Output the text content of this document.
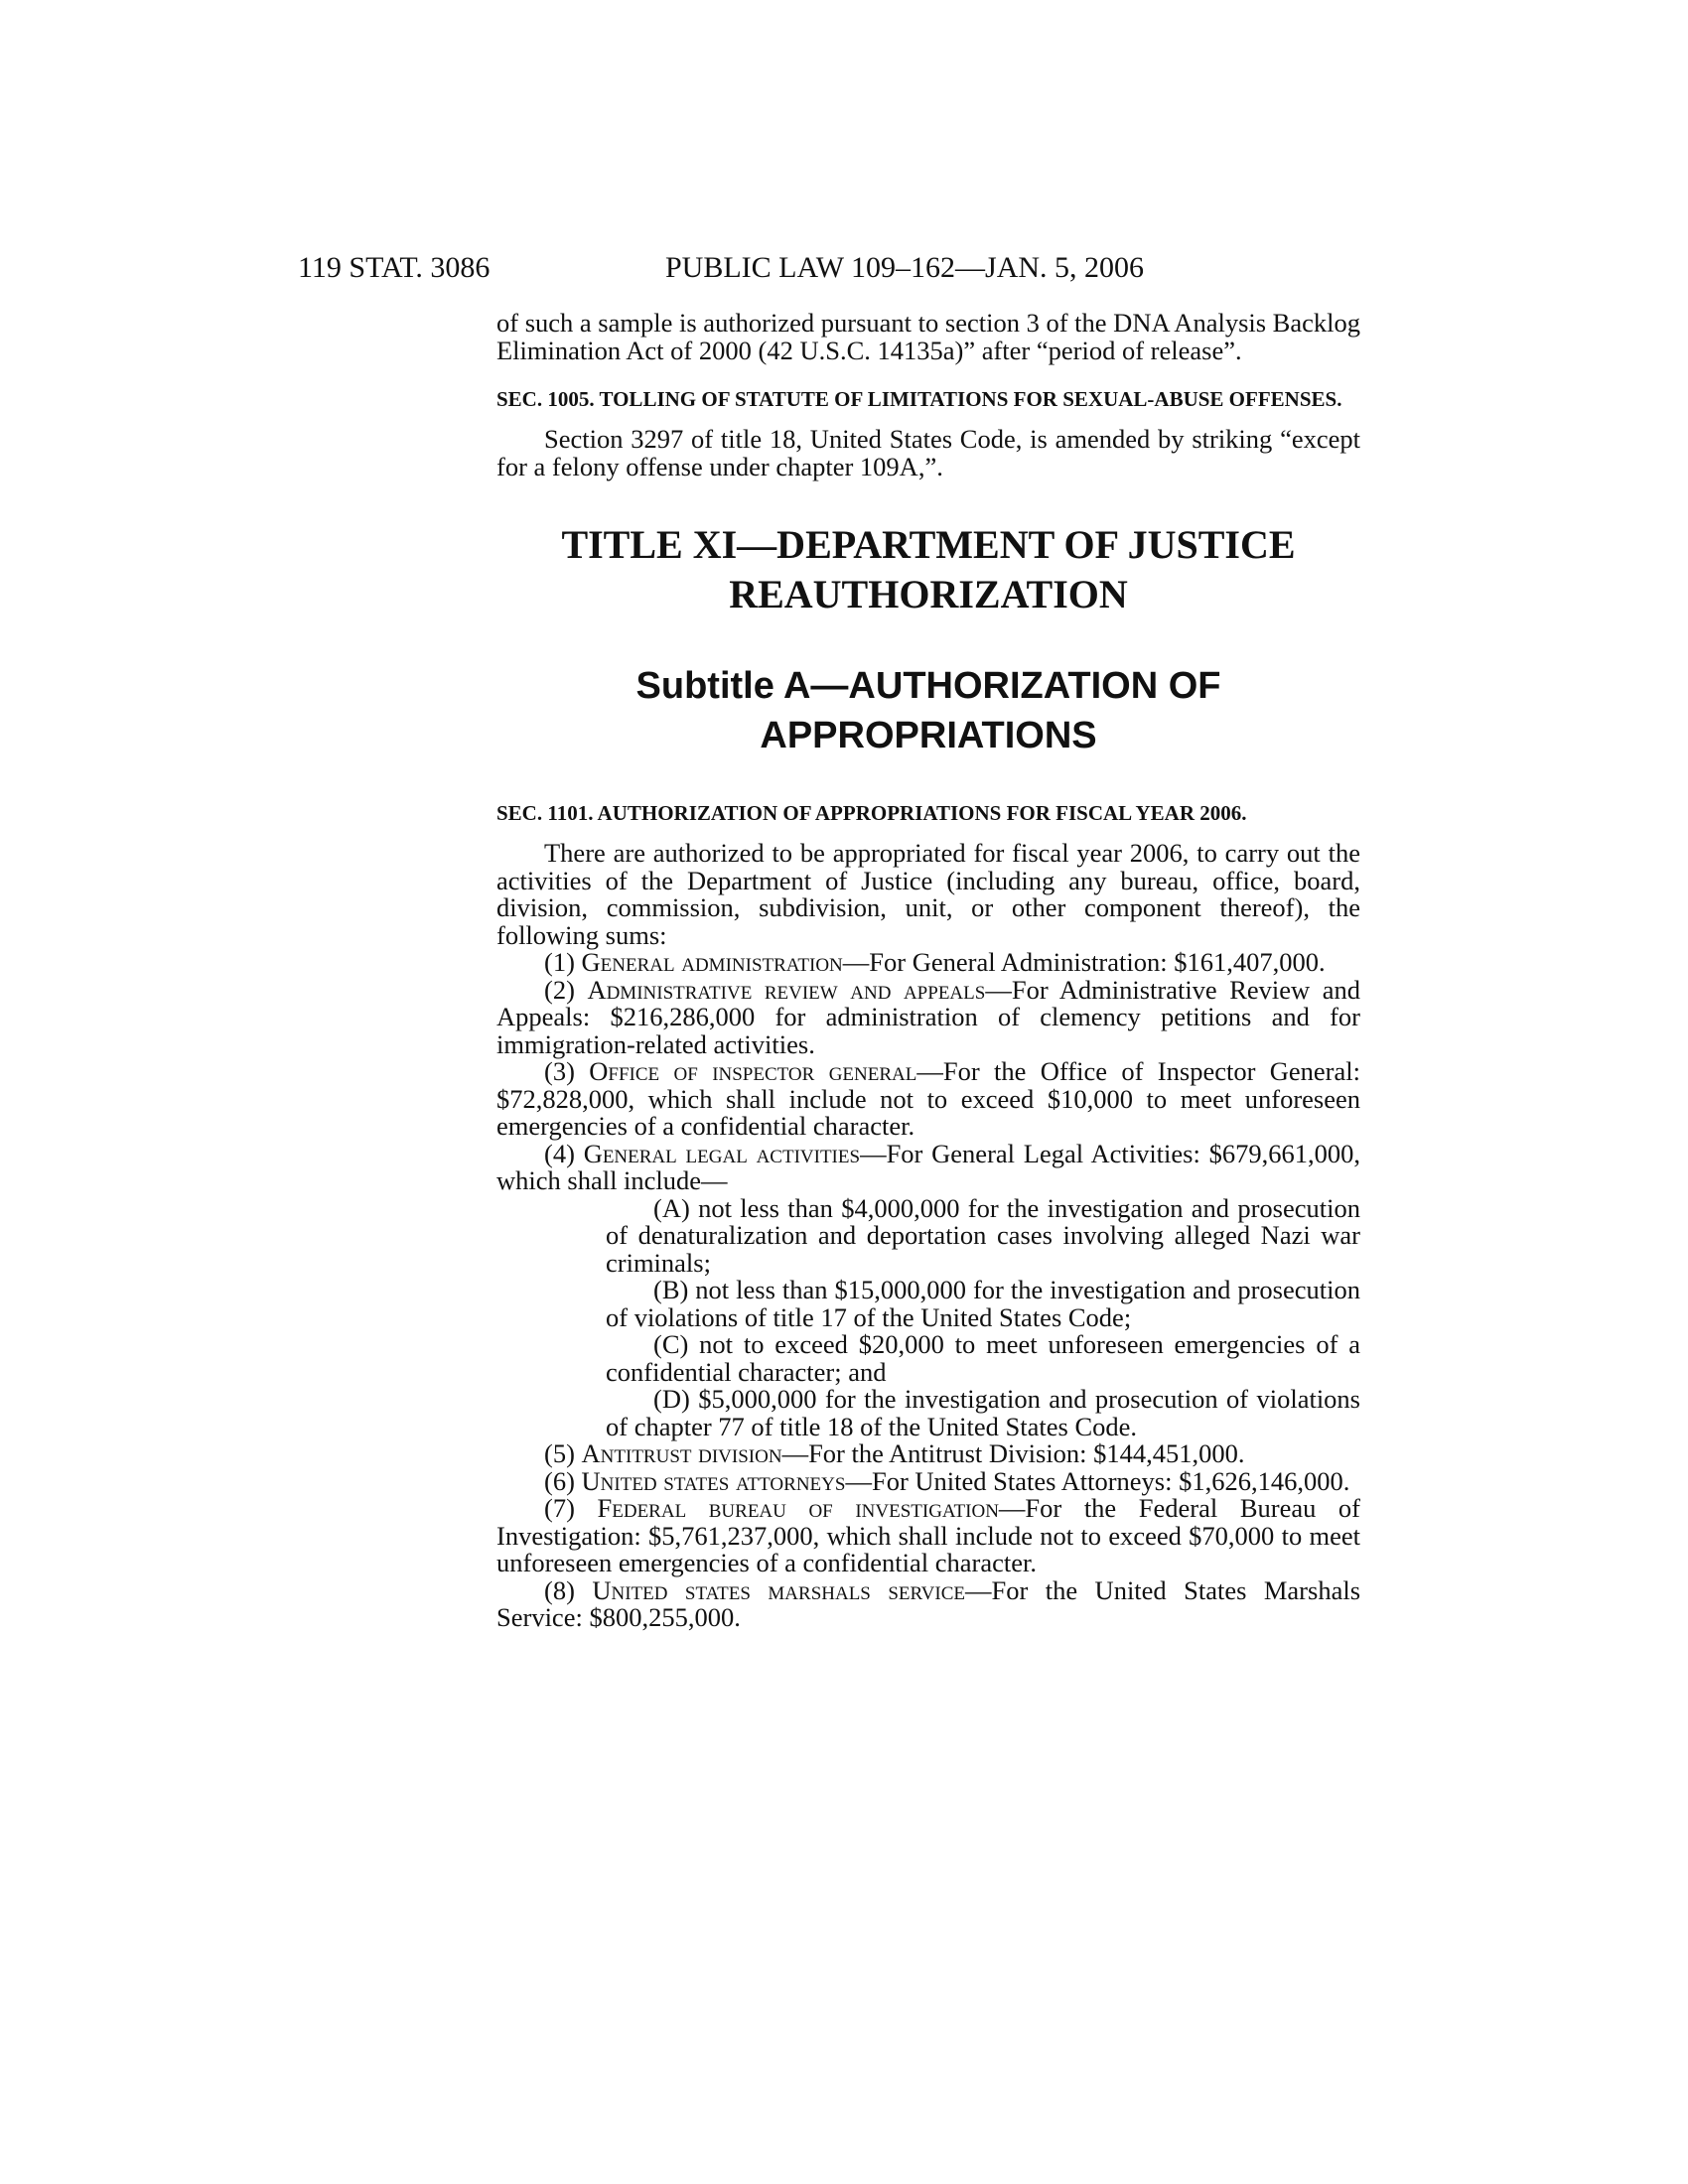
119 STAT. 3086	PUBLIC LAW 109–162—JAN. 5, 2006

of such a sample is authorized pursuant to section 3 of the DNA Analysis Backlog Elimination Act of 2000 (42 U.S.C. 14135a)” after “period of release”.

SEC. 1005. TOLLING OF STATUTE OF LIMITATIONS FOR SEXUAL-ABUSE OFFENSES.

Section 3297 of title 18, United States Code, is amended by striking “except for a felony offense under chapter 109A,”.

TITLE XI—DEPARTMENT OF JUSTICE
REAUTHORIZATION
Subtitle A—AUTHORIZATION OF
APPROPRIATIONS
SEC. 1101. AUTHORIZATION OF APPROPRIATIONS FOR FISCAL YEAR 2006.

There are authorized to be appropriated for fiscal year 2006, to carry out the activities of the Department of Justice (including any bureau, office, board, division, commission, subdivision, unit, or other component thereof), the following sums:

(1) General administration—For General Administration: $161,407,000.

(2) Administrative review and appeals—For Administrative Review and Appeals: $216,286,000 for administration of clemency petitions and for immigration-related activities.

(3) Office of inspector general—For the Office of Inspector General: $72,828,000, which shall include not to exceed $10,000 to meet unforeseen emergencies of a confidential character.

(4) General legal activities—For General Legal Activities: $679,661,000, which shall include—

(A) not less than $4,000,000 for the investigation and prosecution of denaturalization and deportation cases involving alleged Nazi war criminals;

(B) not less than $15,000,000 for the investigation and prosecution of violations of title 17 of the United States Code;

(C) not to exceed $20,000 to meet unforeseen emergencies of a confidential character; and

(D) $5,000,000 for the investigation and prosecution of violations of chapter 77 of title 18 of the United States Code.

(5) Antitrust division—For the Antitrust Division: $144,451,000.

(6) United states attorneys—For United States Attorneys: $1,626,146,000.

(7) Federal bureau of investigation—For the Federal Bureau of Investigation: $5,761,237,000, which shall include not to exceed $70,000 to meet unforeseen emergencies of a confidential character.

(8) United states marshals service—For the United States Marshals Service: $800,255,000.
